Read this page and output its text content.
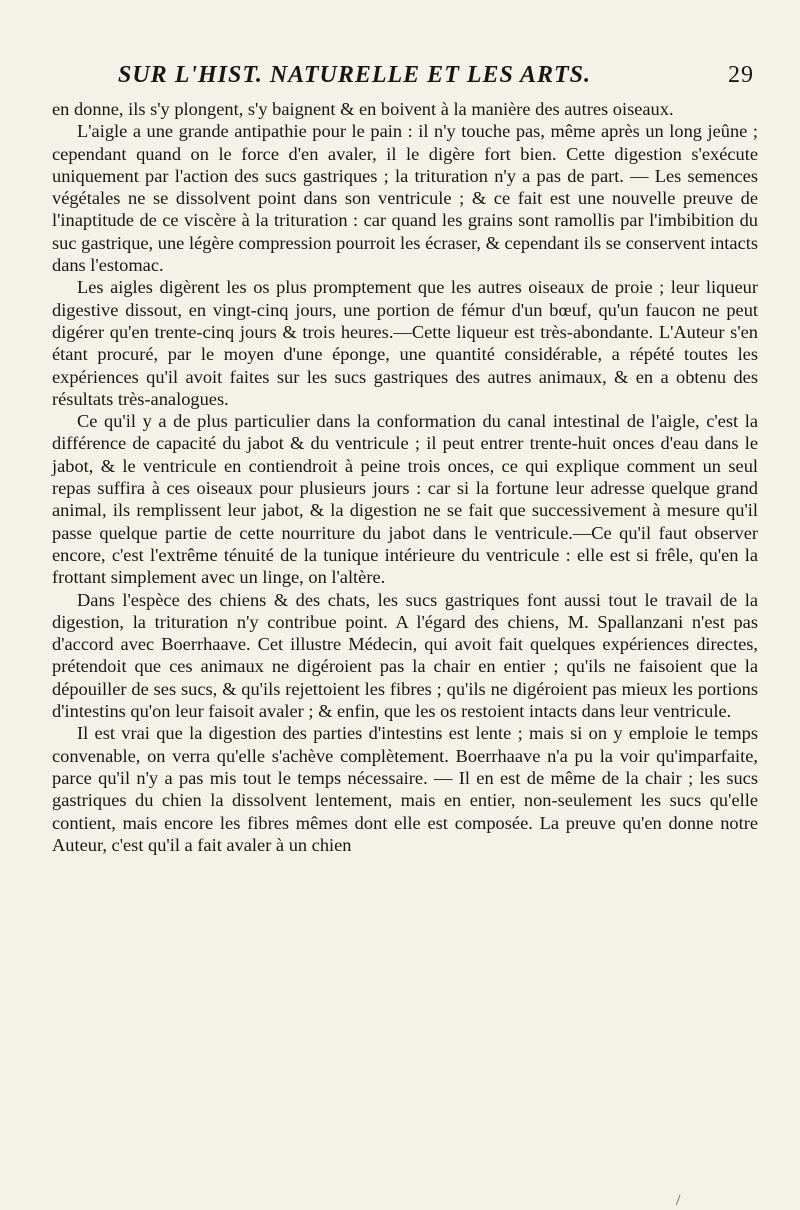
SUR L'HIST. NATURELLE ET LES ARTS.	29

en donne, ils s'y plongent, s'y baignent & en boivent à la manière des autres oiseaux.

L'aigle a une grande antipathie pour le pain : il n'y touche pas, même après un long jeûne ; cependant quand on le force d'en avaler, il le digère fort bien. Cette digestion s'exécute uniquement par l'action des sucs gastriques ; la trituration n'y a pas de part. — Les semences végétales ne se dissolvent point dans son ventricule ; & ce fait est une nouvelle preuve de l'inaptitude de ce viscère à la trituration : car quand les grains sont ramollis par l'imbibition du suc gastrique, une légère compression pourroit les écraser, & cependant ils se conservent intacts dans l'estomac.

Les aigles digèrent les os plus promptement que les autres oiseaux de proie ; leur liqueur digestive dissout, en vingt-cinq jours, une portion de fémur d'un bœuf, qu'un faucon ne peut digérer qu'en trente-cinq jours & trois heures.—Cette liqueur est très-abondante. L'Auteur s'en étant procuré, par le moyen d'une éponge, une quantité considérable, a répété toutes les expériences qu'il avoit faites sur les sucs gastriques des autres animaux, & en a obtenu des résultats très-analogues.

Ce qu'il y a de plus particulier dans la conformation du canal intestinal de l'aigle, c'est la différence de capacité du jabot & du ventricule ; il peut entrer trente-huit onces d'eau dans le jabot, & le ventricule en contiendroit à peine trois onces, ce qui explique comment un seul repas suffira à ces oiseaux pour plusieurs jours : car si la fortune leur adresse quelque grand animal, ils remplissent leur jabot, & la digestion ne se fait que successivement à mesure qu'il passe quelque partie de cette nourriture du jabot dans le ventricule.—Ce qu'il faut observer encore, c'est l'extrême ténuité de la tunique intérieure du ventricule : elle est si frêle, qu'en la frottant simplement avec un linge, on l'altère.

Dans l'espèce des chiens & des chats, les sucs gastriques font aussi tout le travail de la digestion, la trituration n'y contribue point. A l'égard des chiens, M. Spallanzani n'est pas d'accord avec Boerrhaave. Cet illustre Médecin, qui avoit fait quelques expériences directes, prétendoit que ces animaux ne digéroient pas la chair en entier ; qu'ils ne faisoient que la dépouiller de ses sucs, & qu'ils rejettoient les fibres ; qu'ils ne digéroient pas mieux les portions d'intestins qu'on leur faisoit avaler ; & enfin, que les os restoient intacts dans leur ventricule.

Il est vrai que la digestion des parties d'intestins est lente ; mais si on y emploie le temps convenable, on verra qu'elle s'achève complètement. Boerrhaave n'a pu la voir qu'imparfaite, parce qu'il n'y a pas mis tout le temps nécessaire. — Il en est de même de la chair ; les sucs gastriques du chien la dissolvent lentement, mais en entier, non-seulement les sucs qu'elle contient, mais encore les fibres mêmes dont elle est composée. La preuve qu'en donne notre Auteur, c'est qu'il a fait avaler à un chien

/
